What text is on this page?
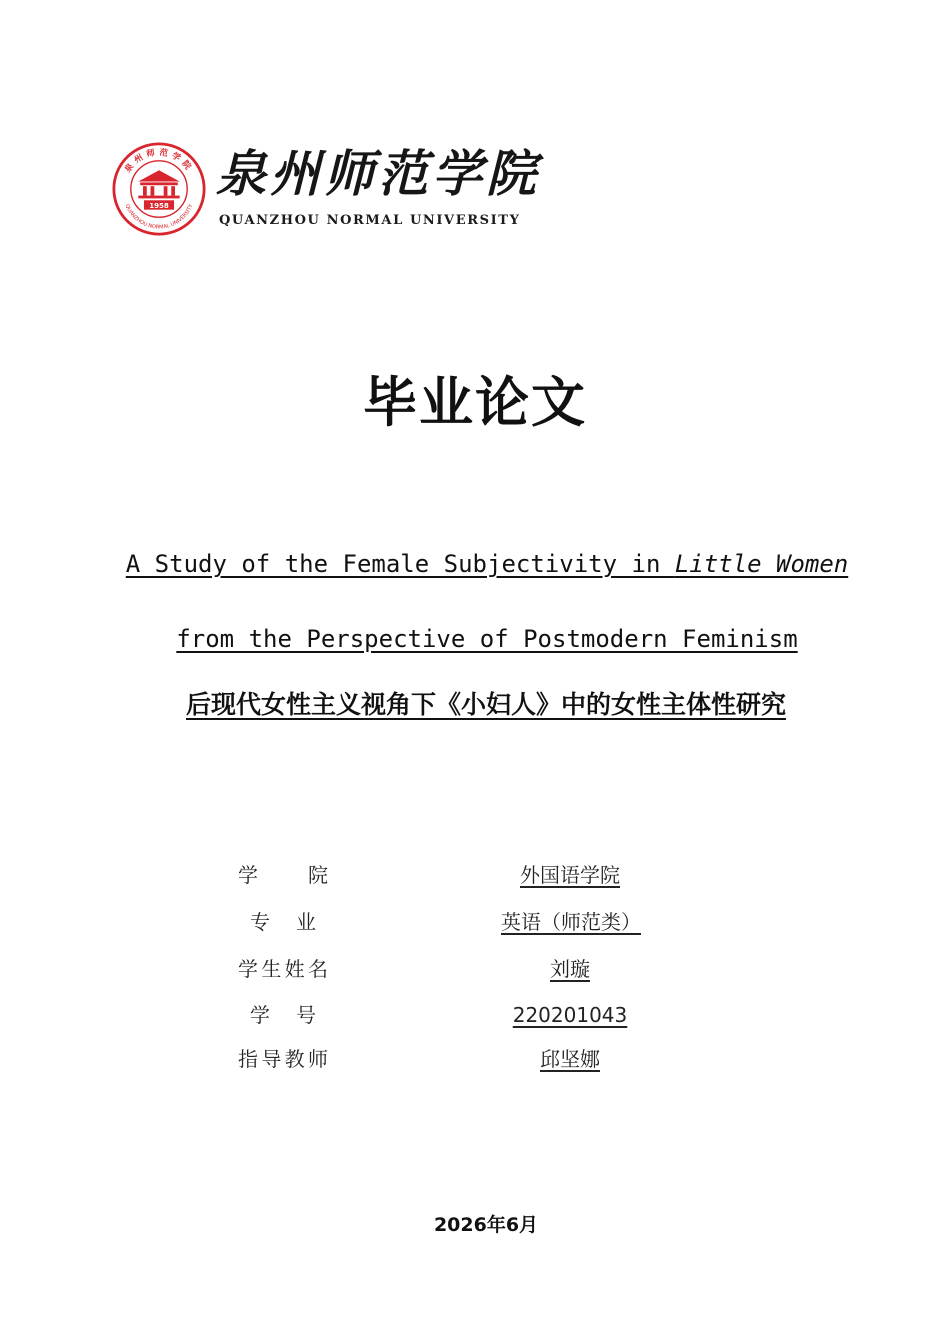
泉州师范学院
QUANZHOU NORMAL UNIVERSITY
1958
泉州师范学院
QUANZHOU NORMAL UNIVERSITY
毕业论文
A Study of the Female Subjectivity in Little Women
from the Perspective of Postmodern Feminism
后现代女性主义视角下《小妇人》中的女性主体性研究
学 院	外国语学院
专 业	英语（师范类）
学生姓名	刘璇
学 号	220201043
指导教师	邱坚娜
2026年6月
